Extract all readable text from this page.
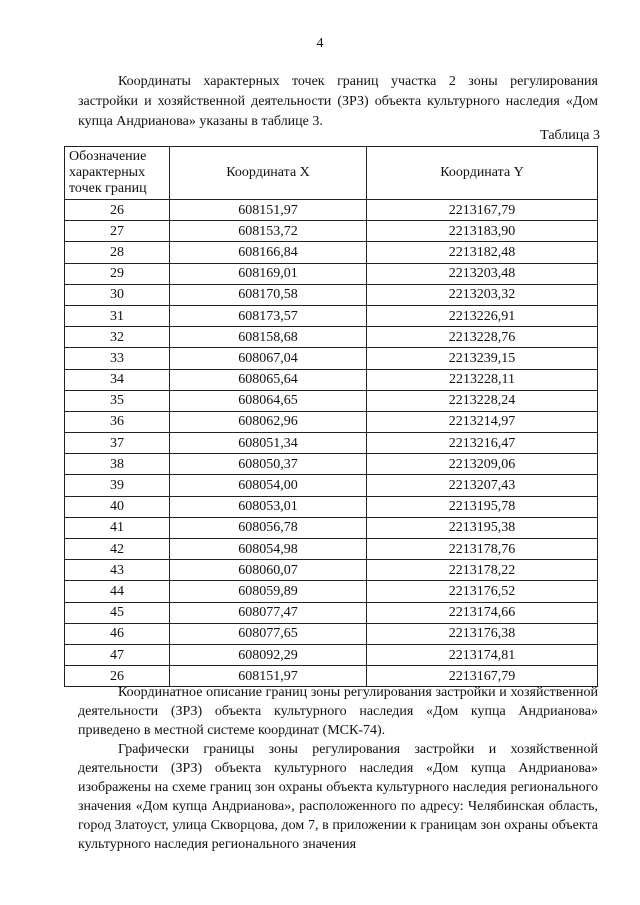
4

Координаты характерных точек границ участка 2 зоны регулирования застройки и хозяйственной деятельности (ЗРЗ) объекта культурного наследия «Дом купца Андрианова» указаны в таблице 3.

Таблица 3
Обозначение характерных точек границ	Координата X	Координата Y
26	608151,97	2213167,79
27	608153,72	2213183,90
28	608166,84	2213182,48
29	608169,01	2213203,48
30	608170,58	2213203,32
31	608173,57	2213226,91
32	608158,68	2213228,76
33	608067,04	2213239,15
34	608065,64	2213228,11
35	608064,65	2213228,24
36	608062,96	2213214,97
37	608051,34	2213216,47
38	608050,37	2213209,06
39	608054,00	2213207,43
40	608053,01	2213195,78
41	608056,78	2213195,38
42	608054,98	2213178,76
43	608060,07	2213178,22
44	608059,89	2213176,52
45	608077,47	2213174,66
46	608077,65	2213176,38
47	608092,29	2213174,81
26	608151,97	2213167,79

Координатное описание границ зоны регулирования застройки и хозяйственной деятельности (ЗРЗ) объекта культурного наследия «Дом купца Андрианова» приведено в местной системе координат (МСК-74).

Графически границы зоны регулирования застройки и хозяйственной деятельности (ЗРЗ) объекта культурного наследия «Дом купца Андрианова» изображены на схеме границ зон охраны объекта культурного наследия регионального значения «Дом купца Андрианова», расположенного по адресу: Челябинская область, город Златоуст, улица Скворцова, дом 7, в приложении к границам зон охраны объекта культурного наследия регионального значения
